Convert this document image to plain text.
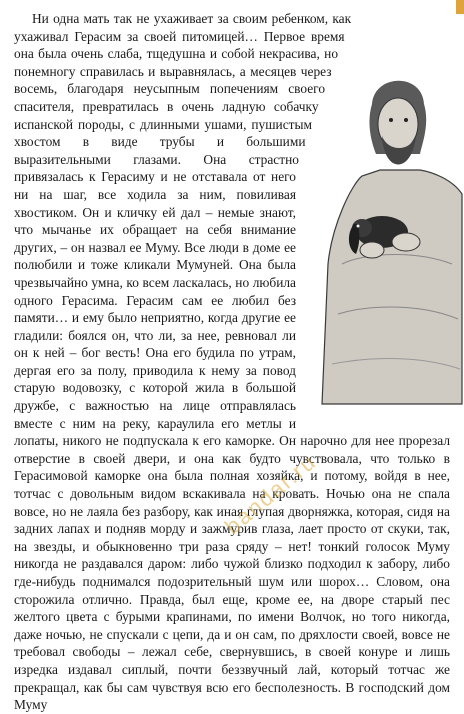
Ни одна мать так не ухаживает за своим ребенком, как ухаживал Герасим за своей питомицей… Первое время она была очень слаба, тщедушна и собой некрасива, но понемногу справилась и выравнялась, а месяцев через восемь, благодаря неусыпным попечениям своего спасителя, превратилась в очень ладную собачку испанской породы, с длинными ушами, пушистым хвостом в виде трубы и большими выразительными глазами. Она страстно привязалась к Герасиму и не отставала от него ни на шаг, все ходила за ним, повиливая хвостиком. Он и кличку ей дал – немые знают, что мычанье их обращает на себя внимание других, – он назвал ее Муму. Все люди в доме ее полюбили и тоже кликали Мумуней. Она была чрезвычайно умна, ко всем ласкалась, но любила одного Герасима. Герасим сам ее любил без памяти… и ему было неприятно, когда другие ее гладили: боялся он, что ли, за нее, ревновал ли он к ней – бог весть! Она его будила по утрам, дергая его за полу, приводила к нему за повод старую водовозку, с которой жила в большой дружбе, с важностью на лице отправлялась вместе с ним на реку, караулила его метлы и лопаты, никого не подпускала к его каморке. Он нарочно для нее прорезал отверстие в своей двери, и она как будто чувствовала, что только в Герасимовой каморке она была полная хозяйка, и потому, войдя в нее, тотчас с довольным видом вскакивала на кровать. Ночью она не спала вовсе, но не лаяла без разбору, как иная глупая дворняжка, которая, сидя на задних лапах и подняв морду и зажмурив глаза, лает просто от скуки, так, на звезды, и обыкновенно три раза сряду – нет! тонкий голосок Муму никогда не раздавался даром: либо чужой близко подходил к забору, либо где-нибудь поднимался подозрительный шум или шорох… Словом, она сторожила отлично. Правда, был еще, кроме ее, на дворе старый пес желтого цвета с бурыми крапинами, по имени Волчок, но того никогда, даже ночью, не спускали с цепи, да и он сам, по дряхлости своей, вовсе не требовал свободы – лежал себе, свернувшись, в своей конуре и лишь изредка издавал сиплый, почти беззвучный лай, который тотчас же прекращал, как бы сам чувствуя всю его бесполезность. В господский дом Муму

bandar.ru
